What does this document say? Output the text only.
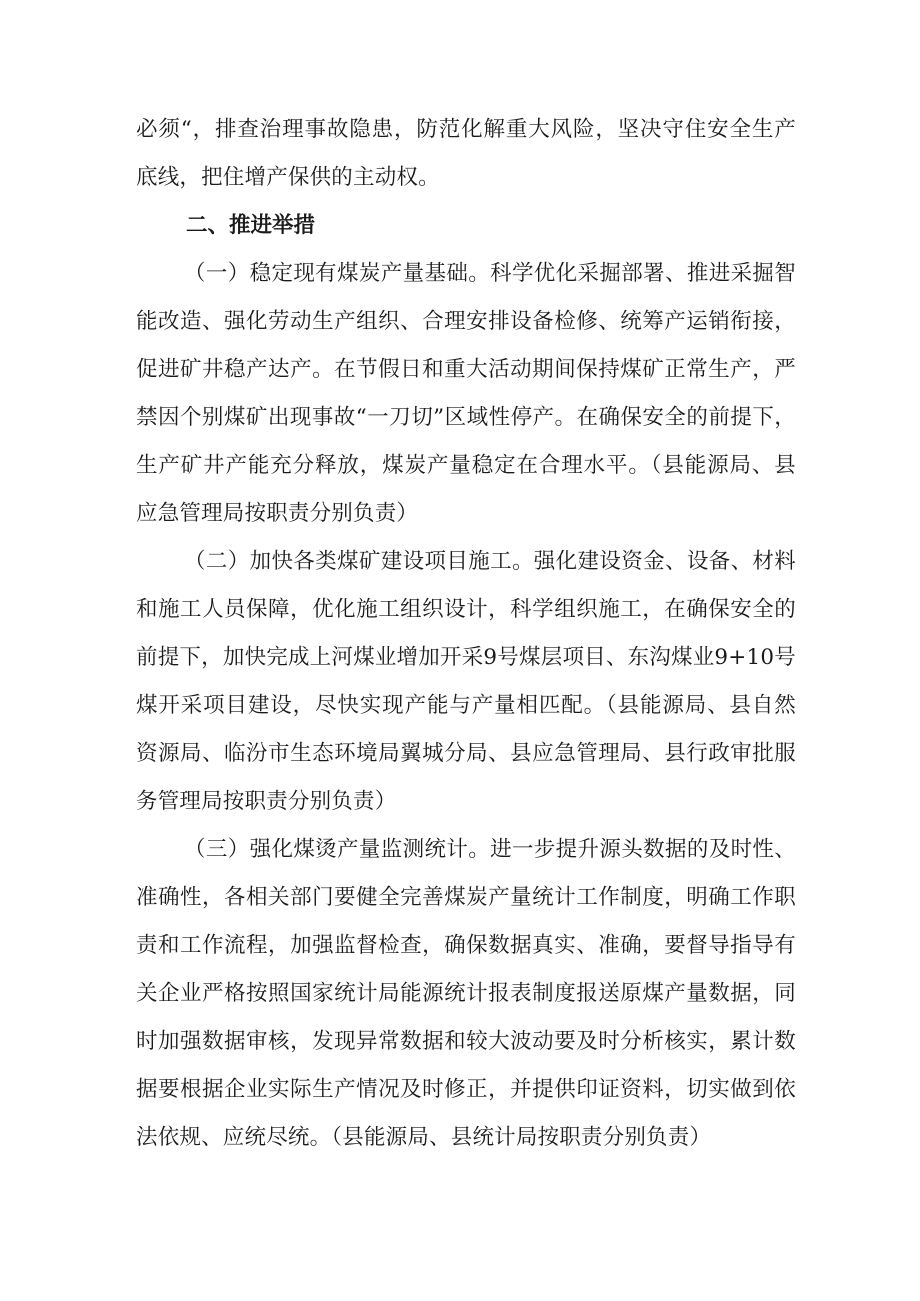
必须“，排查治理事故隐患，防范化解重大风险，坚决守住安全生产
底线，把住增产保供的主动权。
二、推进举措
（一）稳定现有煤炭产量基础。科学优化采掘部署、推进采掘智
能改造、强化劳动生产组织、合理安排设备检修、统筹产运销衔接，
促进矿井稳产达产。在节假日和重大活动期间保持煤矿正常生产，严
禁因个别煤矿出现事故“一刀切”区域性停产。在确保安全的前提下，
生产矿井产能充分释放，煤炭产量稳定在合理水平。（县能源局、县
应急管理局按职责分别负责）
（二）加快各类煤矿建设项目施工。强化建设资金、设备、材料
和施工人员保障，优化施工组织设计，科学组织施工，在确保安全的
前提下，加快完成上河煤业增加开采9号煤层项目、东沟煤业9+10号
煤开采项目建设，尽快实现产能与产量相匹配。（县能源局、县自然
资源局、临汾市生态环境局翼城分局、县应急管理局、县行政审批服
务管理局按职责分别负责）
（三）强化煤烫产量监测统计。进一步提升源头数据的及时性、
准确性，各相关部门要健全完善煤炭产量统计工作制度，明确工作职
责和工作流程，加强监督检查，确保数据真实、准确，要督导指导有
关企业严格按照国家统计局能源统计报表制度报送原煤产量数据，同
时加强数据审核，发现异常数据和较大波动要及时分析核实，累计数
据要根据企业实际生产情况及时修正，并提供印证资料，切实做到依
法依规、应统尽统。（县能源局、县统计局按职责分别负责）
